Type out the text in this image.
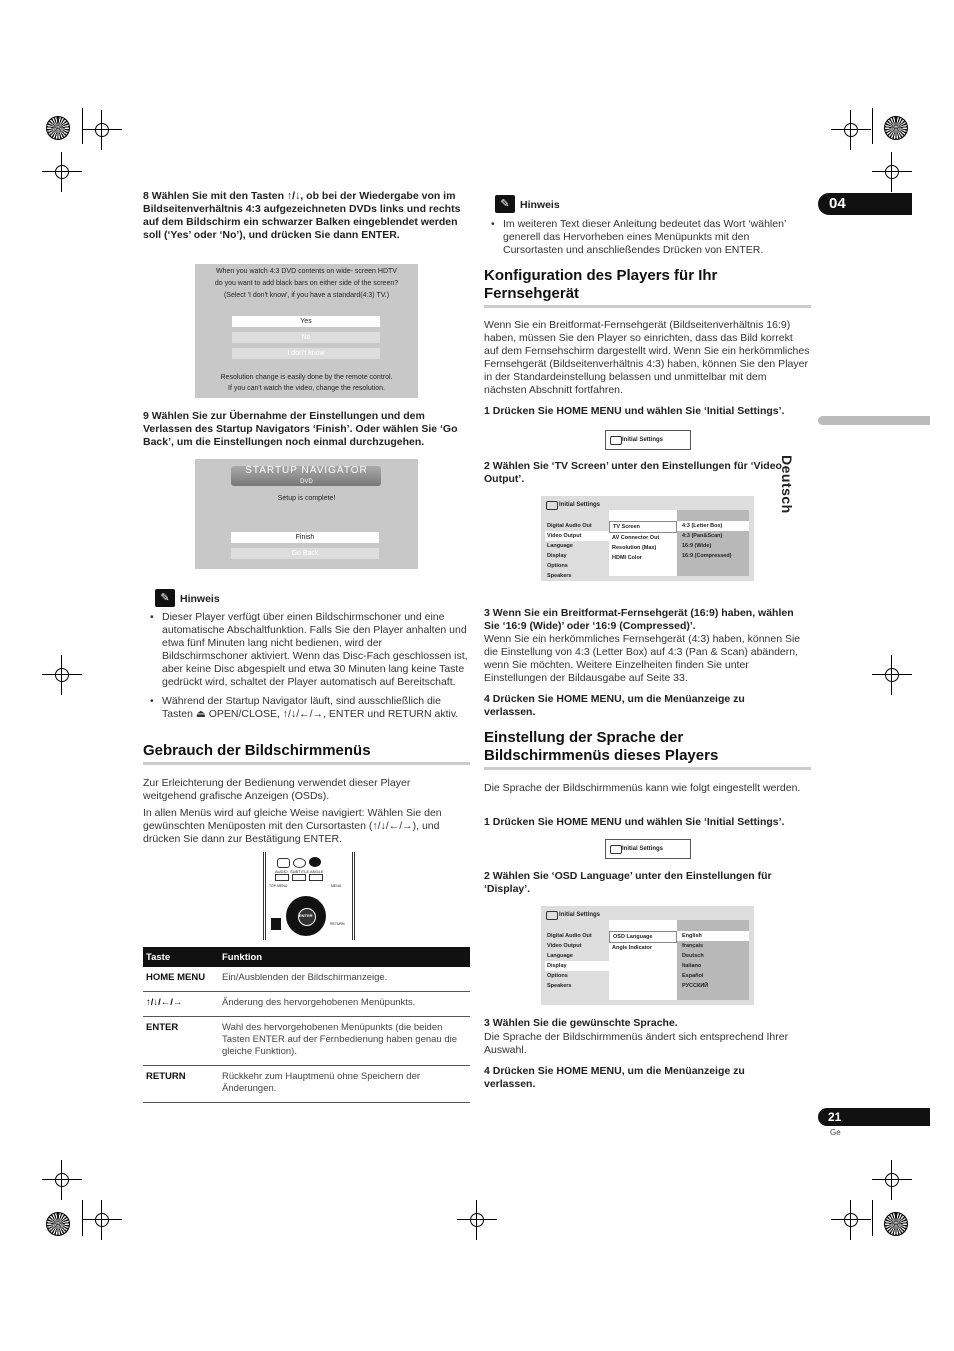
04
Deutsch
21
Ge
8 Wählen Sie mit den Tasten ↑/↓, ob bei der Wiedergabe von im Bildseitenverhältnis 4:3 aufgezeichneten DVDs links und rechts auf dem Bildschirm ein schwarzer Balken eingeblendet werden soll (‘Yes’ oder ‘No’), und drücken Sie dann ENTER.
When you watch 4:3 DVD contents on wide- screen HDTV
do you want to add black bars on either side of the screen?
(Select 'I don't know', if you have a standard(4:3) TV.)
Yes
No
I don't know
Resolution change is easily done by the remote control.
If you can't watch the video, change the resolution.
9 Wählen Sie zur Übernahme der Einstellungen und dem Verlassen des Startup Navigators ‘Finish’. Oder wählen Sie ‘Go Back’, um die Einstellungen noch einmal durchzugehen.
STARTUP NAVIGATOR
DVD
Setup is complete!
Finish
Go Back
✎ Hinweis
• Dieser Player verfügt über einen Bildschirmschoner und eine automatische Abschaltfunktion. Falls Sie den Player anhalten und etwa fünf Minuten lang nicht bedienen, wird der Bildschirmschoner aktiviert. Wenn das Disc-Fach geschlossen ist, aber keine Disc abgespielt und etwa 30 Minuten lang keine Taste gedrückt wird, schaltet der Player automatisch auf Bereitschaft.
• Während der Startup Navigator läuft, sind ausschließlich die Tasten ⏏ OPEN/CLOSE, ↑/↓/←/→, ENTER und RETURN aktiv.
Gebrauch der Bildschirmmenüs
Zur Erleichterung der Bedienung verwendet dieser Player weitgehend grafische Anzeigen (OSDs).
In allen Menüs wird auf gleiche Weise navigiert: Wählen Sie den gewünschten Menüposten mit den Cursortasten (↑/↓/←/→), und drücken Sie dann zur Bestätigung ENTER.
AUDIO SUBTITLE ANGLE
TOP MENU	MENU
ENTER
RETURN
Taste	Funktion
HOME MENU	Ein/Ausblenden der Bildschirmanzeige.
↑/↓/←/→	Änderung des hervorgehobenen Menüpunkts.
ENTER	Wahl des hervorgehobenen Menüpunkts (die beiden Tasten ENTER auf der Fernbedienung haben genau die gleiche Funktion).
RETURN	Rückkehr zum Hauptmenü ohne Speichern der Änderungen.
✎ Hinweis
• Im weiteren Text dieser Anleitung bedeutet das Wort ‘wählen’ generell das Hervorheben eines Menüpunkts mit den Cursortasten und anschließendes Drücken von ENTER.
Konfiguration des Players für Ihr Fernsehgerät
Wenn Sie ein Breitformat-Fernsehgerät (Bildseitenverhältnis 16:9) haben, müssen Sie den Player so einrichten, dass das Bild korrekt auf dem Fernsehschirm dargestellt wird. Wenn Sie ein herkömmliches Fernsehgerät (Bildseitenverhältnis 4:3) haben, können Sie den Player in der Standardeinstellung belassen und unmittelbar mit dem nächsten Abschnitt fortfahren.
1 Drücken Sie HOME MENU und wählen Sie ‘Initial Settings’.
Initial Settings
2 Wählen Sie ‘TV Screen’ unter den Einstellungen für ‘Video Output’.
Initial Settings
Digital Audio Out
Video Output
Language
Display
Options
Speakers
TV Screen
AV Connector Out
Resolution (Max)
HDMI Color
4:3 (Letter Box)
4:3 (Pan&Scan)
16:9 (Wide)
16:9 (Compressed)
3 Wenn Sie ein Breitformat-Fernsehgerät (16:9) haben, wählen Sie ‘16:9 (Wide)’ oder ‘16:9 (Compressed)’.
Wenn Sie ein herkömmliches Fernsehgerät (4:3) haben, können Sie die Einstellung von 4:3 (Letter Box) auf 4:3 (Pan & Scan) abändern, wenn Sie möchten. Weitere Einzelheiten finden Sie unter Einstellungen der Bildausgabe auf Seite 33.
4 Drücken Sie HOME MENU, um die Menüanzeige zu verlassen.
Einstellung der Sprache der Bildschirmmenüs dieses Players
Die Sprache der Bildschirmmenüs kann wie folgt eingestellt werden.
1 Drücken Sie HOME MENU und wählen Sie ‘Initial Settings’.
Initial Settings
2 Wählen Sie ‘OSD Language’ unter den Einstellungen für ‘Display’.
Initial Settings
Digital Audio Out
Video Output
Language
Display
Options
Speakers
OSD Language
Angle Indicator
English
français
Deutsch
Italiano
Español
РУССКИЙ
3 Wählen Sie die gewünschte Sprache.
Die Sprache der Bildschirmmenüs ändert sich entsprechend Ihrer Auswahl.
4 Drücken Sie HOME MENU, um die Menüanzeige zu verlassen.
